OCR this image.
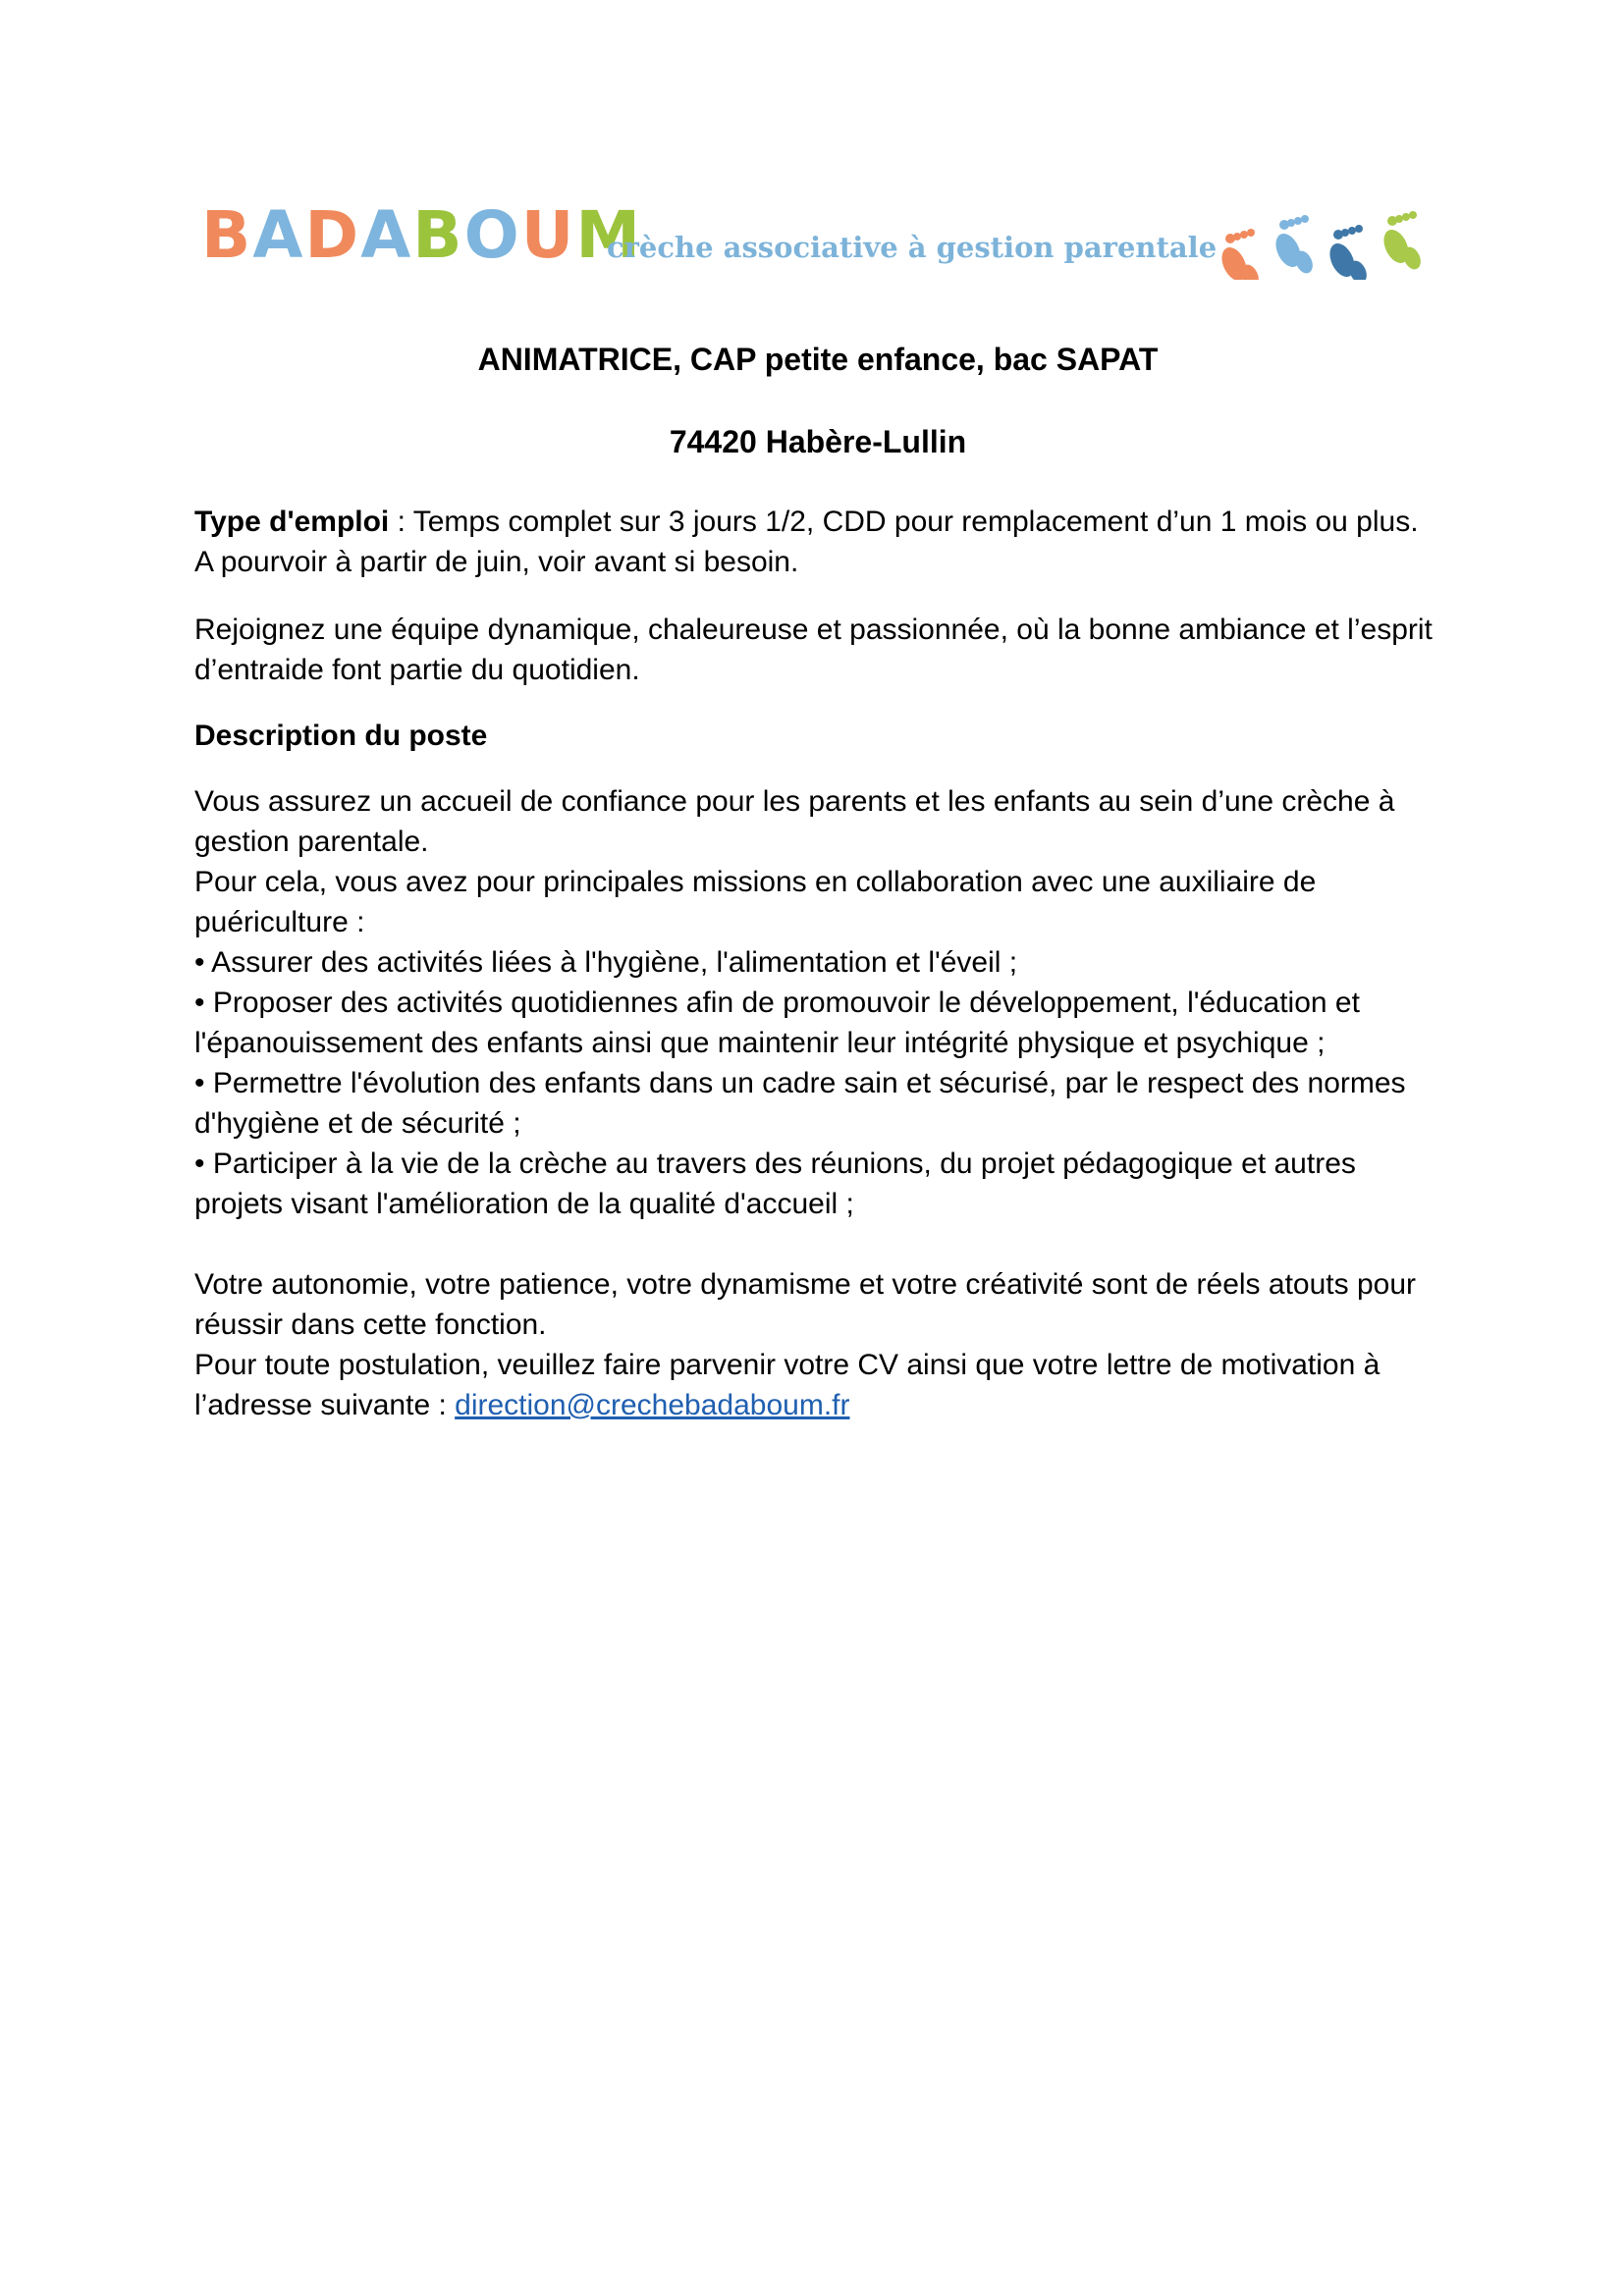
B A D A B O U M
crèche associative à gestion parentale

ANIMATRICE, CAP petite enfance, bac SAPAT

74420 Habère-Lullin

Type d'emploi : Temps complet sur 3 jours 1/2, CDD pour remplacement d’un 1 mois ou plus. A pourvoir à partir de juin, voir avant si besoin.

Rejoignez une équipe dynamique, chaleureuse et passionnée, où la bonne ambiance et l’esprit d’entraide font partie du quotidien.

Description du poste

Vous assurez un accueil de confiance pour les parents et les enfants au sein d’une crèche à gestion parentale.

Pour cela, vous avez pour principales missions en collaboration avec une auxiliaire de puériculture :

• Assurer des activités liées à l'hygiène, l'alimentation et l'éveil ;

• Proposer des activités quotidiennes afin de promouvoir le développement, l'éducation et l'épanouissement des enfants ainsi que maintenir leur intégrité physique et psychique ;

• Permettre l'évolution des enfants dans un cadre sain et sécurisé, par le respect des normes d'hygiène et de sécurité ;

• Participer à la vie de la crèche au travers des réunions, du projet pédagogique et autres projets visant l'amélioration de la qualité d'accueil ;

Votre autonomie, votre patience, votre dynamisme et votre créativité sont de réels atouts pour réussir dans cette fonction.

Pour toute postulation, veuillez faire parvenir votre CV ainsi que votre lettre de motivation à l’adresse suivante : direction@crechebadaboum.fr
